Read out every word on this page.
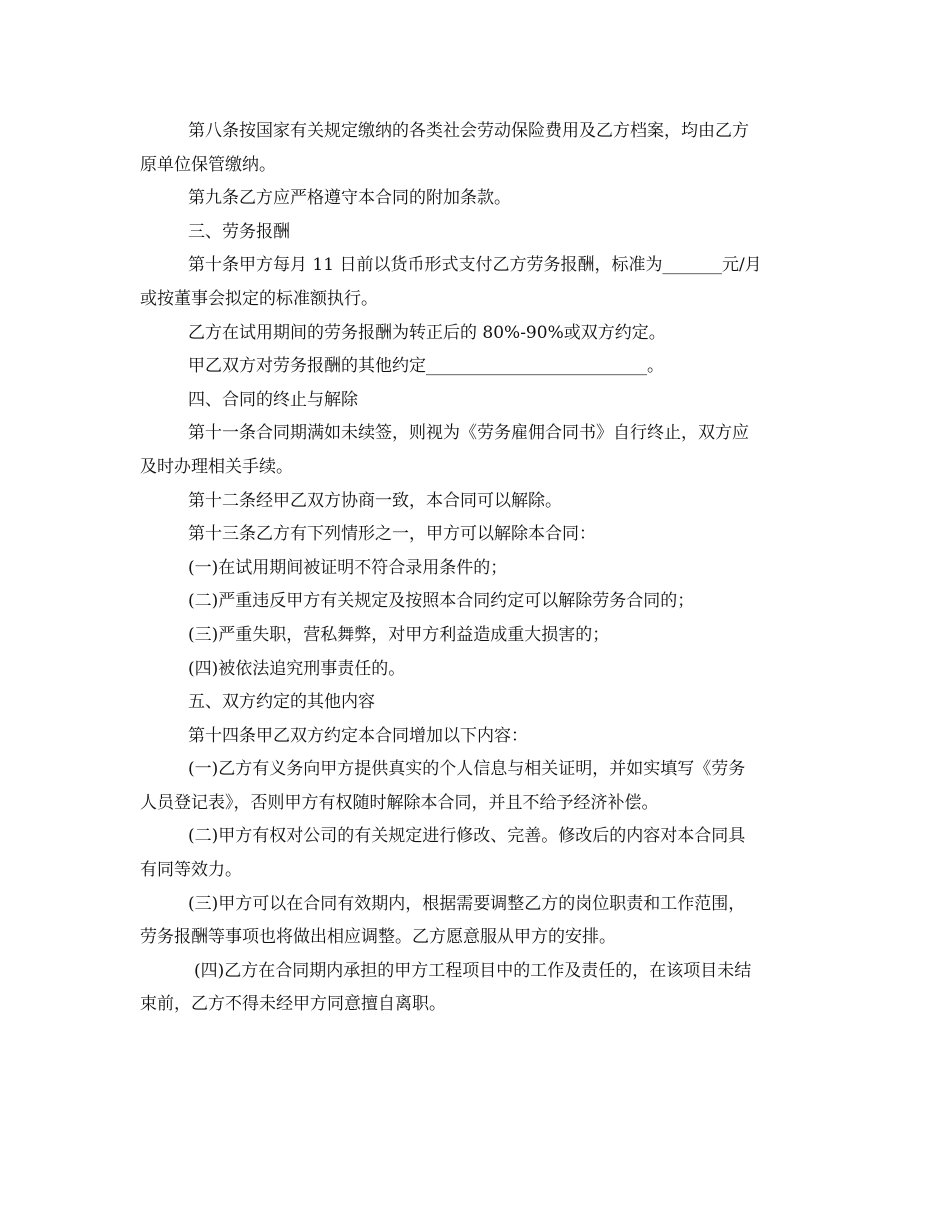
第八条按国家有关规定缴纳的各类社会劳动保险费用及乙方档案，均由乙方
原单位保管缴纳。
第九条乙方应严格遵守本合同的附加条款。
三、劳务报酬
第十条甲方每月 11 日前以货币形式支付乙方劳务报酬，标准为_______元/月
或按董事会拟定的标准额执行。
乙方在试用期间的劳务报酬为转正后的 80%-90%或双方约定。
甲乙双方对劳务报酬的其他约定__________________________。
四、合同的终止与解除
第十一条合同期满如未续签，则视为《劳务雇佣合同书》自行终止，双方应
及时办理相关手续。
第十二条经甲乙双方协商一致，本合同可以解除。
第十三条乙方有下列情形之一，甲方可以解除本合同：
(一)在试用期间被证明不符合录用条件的；
(二)严重违反甲方有关规定及按照本合同约定可以解除劳务合同的；
(三)严重失职，营私舞弊，对甲方利益造成重大损害的；
(四)被依法追究刑事责任的。
五、双方约定的其他内容
第十四条甲乙双方约定本合同增加以下内容：
(一)乙方有义务向甲方提供真实的个人信息与相关证明，并如实填写《劳务
人员登记表》，否则甲方有权随时解除本合同，并且不给予经济补偿。
(二)甲方有权对公司的有关规定进行修改、完善。修改后的内容对本合同具
有同等效力。
(三)甲方可以在合同有效期内，根据需要调整乙方的岗位职责和工作范围，
劳务报酬等事项也将做出相应调整。乙方愿意服从甲方的安排。
(四)乙方在合同期内承担的甲方工程项目中的工作及责任的，在该项目未结
束前，乙方不得未经甲方同意擅自离职。
